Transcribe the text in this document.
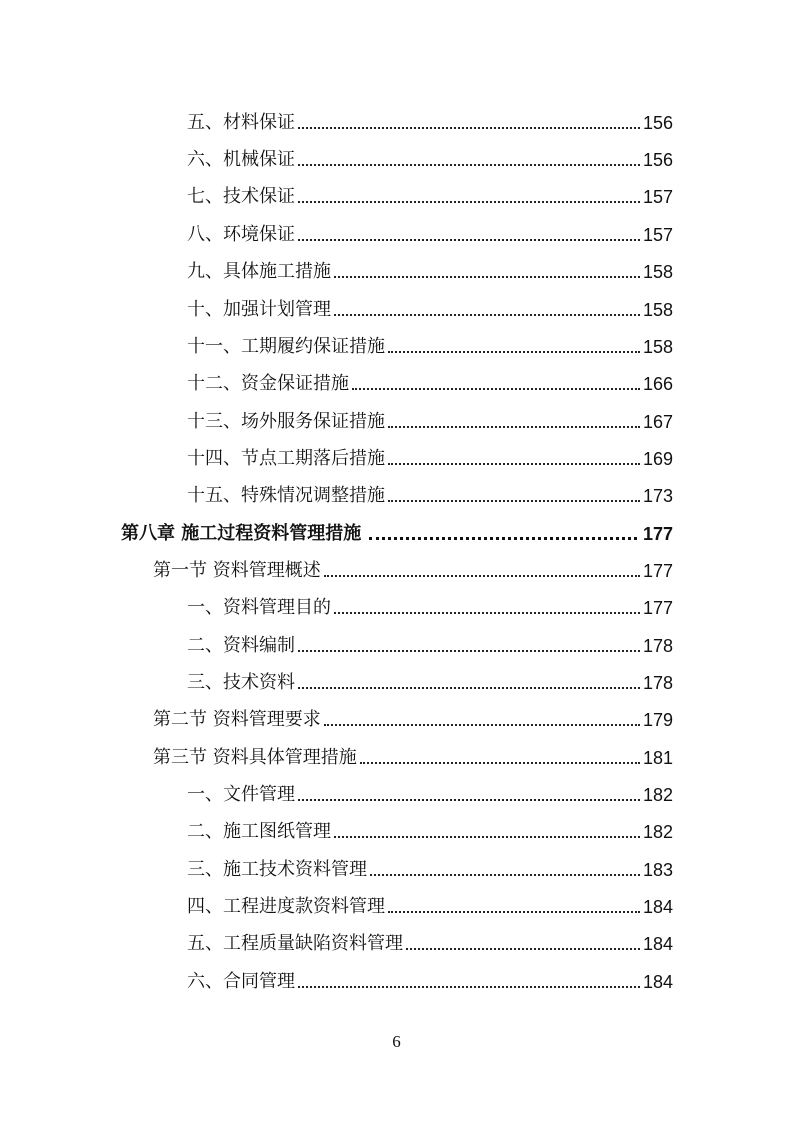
五、材料保证	156
六、机械保证	156
七、技术保证	157
八、环境保证	157
九、具体施工措施	158
十、加强计划管理	158
十一、工期履约保证措施	158
十二、资金保证措施	166
十三、场外服务保证措施	167
十四、节点工期落后措施	169
十五、特殊情况调整措施	173
第八章 施工过程资料管理措施	177
第一节 资料管理概述	177
一、资料管理目的	177
二、资料编制	178
三、技术资料	178
第二节 资料管理要求	179
第三节 资料具体管理措施	181
一、文件管理	182
二、施工图纸管理	182
三、施工技术资料管理	183
四、工程进度款资料管理	184
五、工程质量缺陷资料管理	184
六、合同管理	184
6
